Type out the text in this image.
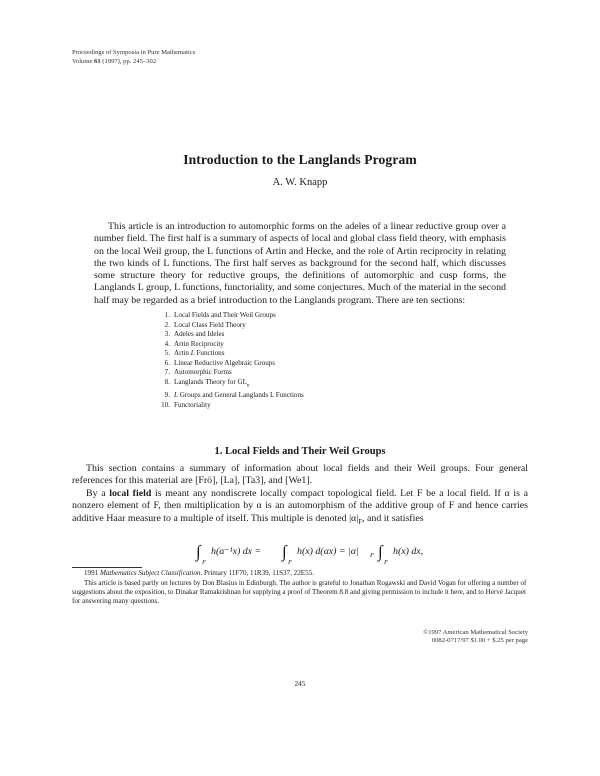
Proceedings of Symposia in Pure Mathematics
Volume 61 (1997), pp. 245–302
Introduction to the Langlands Program
A. W. Knapp

This article is an introduction to automorphic forms on the adeles of a linear reductive group over a number field. The first half is a summary of aspects of local and global class field theory, with emphasis on the local Weil group, the L functions of Artin and Hecke, and the role of Artin reciprocity in relating the two kinds of L functions. The first half serves as background for the second half, which discusses some structure theory for reductive groups, the definitions of automorphic and cusp forms, the Langlands L group, L functions, functoriality, and some conjectures. Much of the material in the second half may be regarded as a brief introduction to the Langlands program. There are ten sections:

1. Local Fields and Their Weil Groups
2. Local Class Field Theory
3. Adeles and Ideles
4. Artin Reciprocity
5. Artin L Functions
6. Linear Reductive Algebraic Groups
7. Automorphic Forms
8. Langlands Theory for $GL_n$
9. L Groups and General Langlands L Functions
10. Functoriality
1. Local Fields and Their Weil Groups

This section contains a summary of information about local fields and their Weil groups. Four general references for this material are [Frö], [La], [Ta3], and [We1].

By a local field is meant any nondiscrete locally compact topological field. Let F be a local field. If α is a nonzero element of F, then multiplication by α is an automorphism of the additive group of F and hence carries additive Haar measure to a multiple of itself. This multiple is denoted $|\alpha|_F$, and it satisfies

∫
F
h(α⁻¹x) dx = ∫
F
h(x) d(αx) = |α| F ∫
F
h(x) dx,

1991 Mathematics Subject Classification. Primary 11F70, 11R39, 11S37, 22E55.

This article is based partly on lectures by Don Blasius in Edinburgh. The author is grateful to Jonathan Rogawski and David Vogan for offering a number of suggestions about the exposition, to Dinakar Ramakrishnan for supplying a proof of Theorem 8.8 and giving permission to include it here, and to Hervé Jacquet for answering many questions.

©1997 American Mathematical Society
0082-0717/97 $1.00 + $.25 per page
245
